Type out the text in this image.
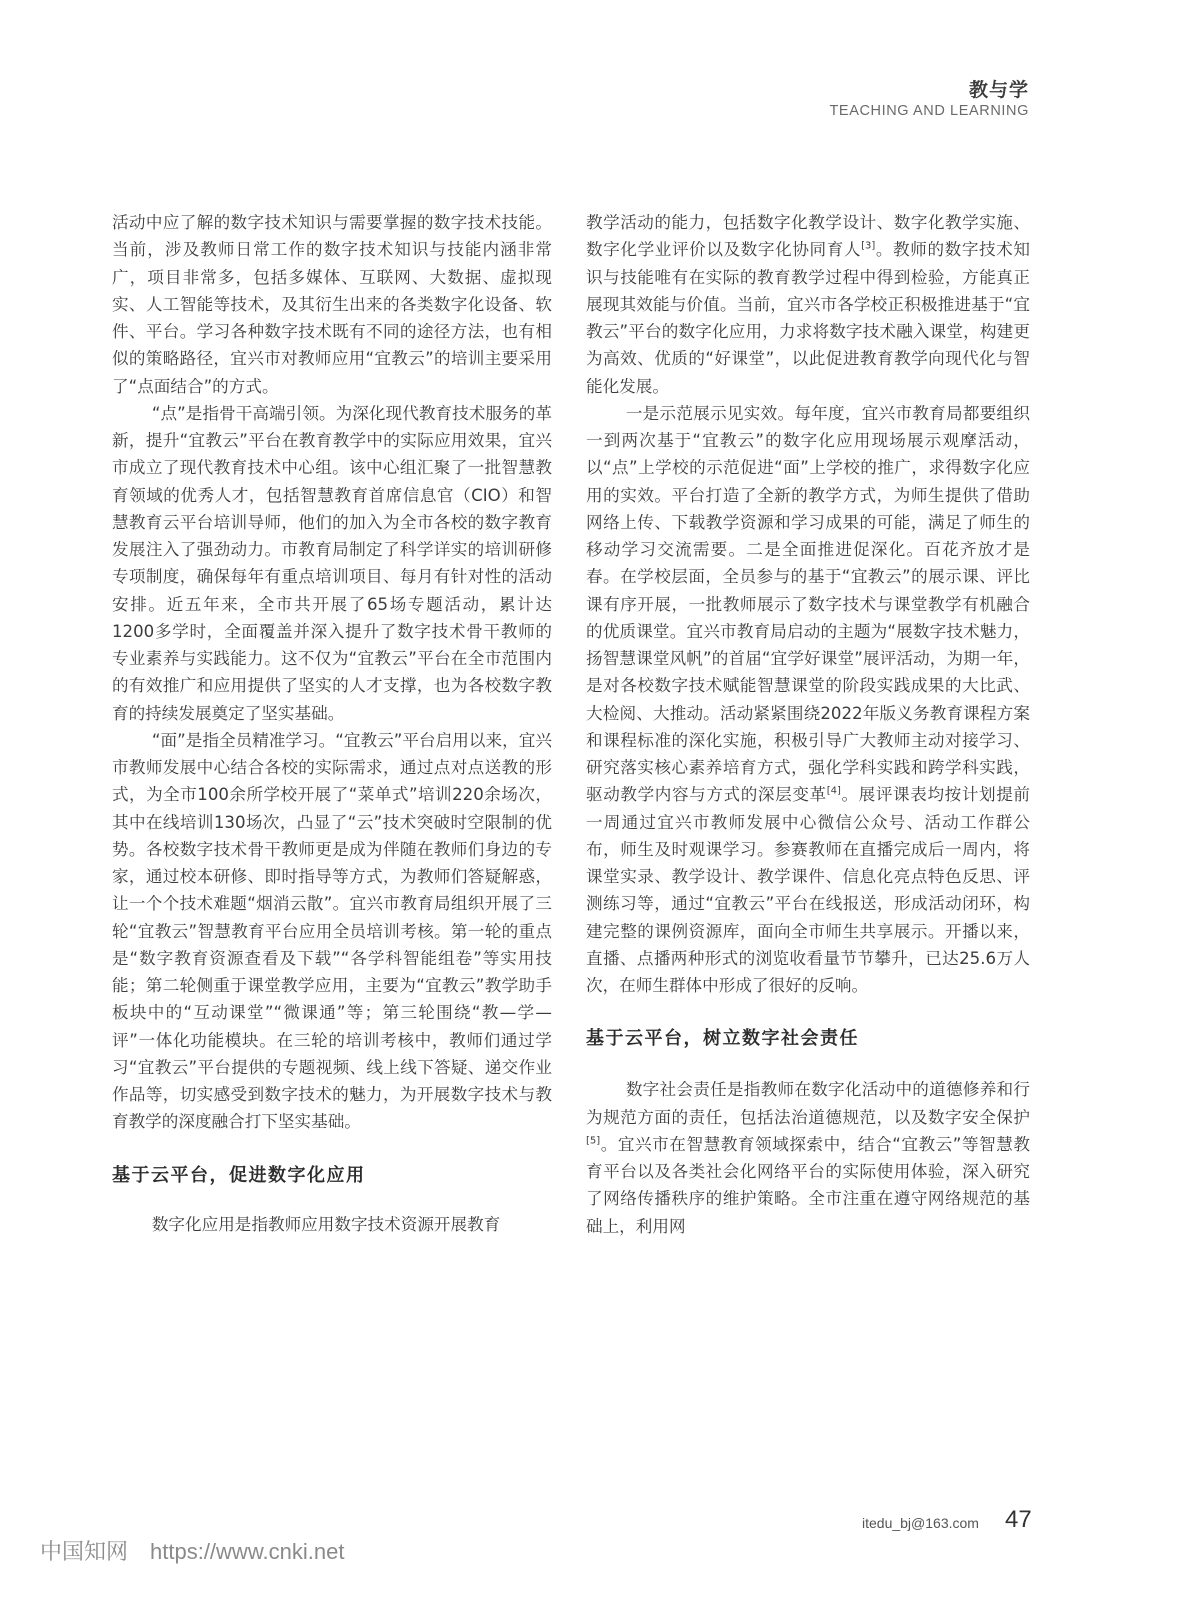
教与学
TEACHING AND LEARNING

活动中应了解的数字技术知识与需要掌握的数字技术技能。当前，涉及教师日常工作的数字技术知识与技能内涵非常广，项目非常多，包括多媒体、互联网、大数据、虚拟现实、人工智能等技术，及其衍生出来的各类数字化设备、软件、平台。学习各种数字技术既有不同的途径方法，也有相似的策略路径，宜兴市对教师应用“宜教云”的培训主要采用了“点面结合”的方式。

“点”是指骨干高端引领。为深化现代教育技术服务的革新，提升“宜教云”平台在教育教学中的实际应用效果，宜兴市成立了现代教育技术中心组。该中心组汇聚了一批智慧教育领域的优秀人才，包括智慧教育首席信息官（CIO）和智慧教育云平台培训导师，他们的加入为全市各校的数字教育发展注入了强劲动力。市教育局制定了科学详实的培训研修专项制度，确保每年有重点培训项目、每月有针对性的活动安排。近五年来，全市共开展了65场专题活动，累计达1200多学时，全面覆盖并深入提升了数字技术骨干教师的专业素养与实践能力。这不仅为“宜教云”平台在全市范围内的有效推广和应用提供了坚实的人才支撑，也为各校数字教育的持续发展奠定了坚实基础。

“面”是指全员精准学习。“宜教云”平台启用以来，宜兴市教师发展中心结合各校的实际需求，通过点对点送教的形式，为全市100余所学校开展了“菜单式”培训220余场次，其中在线培训130场次，凸显了“云”技术突破时空限制的优势。各校数字技术骨干教师更是成为伴随在教师们身边的专家，通过校本研修、即时指导等方式，为教师们答疑解惑，让一个个技术难题“烟消云散”。宜兴市教育局组织开展了三轮“宜教云”智慧教育平台应用全员培训考核。第一轮的重点是“数字教育资源查看及下载”“各学科智能组卷”等实用技能；第二轮侧重于课堂教学应用，主要为“宜教云”教学助手板块中的“互动课堂”“微课通”等；第三轮围绕“教—学—评”一体化功能模块。在三轮的培训考核中，教师们通过学习“宜教云”平台提供的专题视频、线上线下答疑、递交作业作品等，切实感受到数字技术的魅力，为开展数字技术与教育教学的深度融合打下坚实基础。

基于云平台，促进数字化应用

数字化应用是指教师应用数字技术资源开展教育

教学活动的能力，包括数字化教学设计、数字化教学实施、数字化学业评价以及数字化协同育人[3]。教师的数字技术知识与技能唯有在实际的教育教学过程中得到检验，方能真正展现其效能与价值。当前，宜兴市各学校正积极推进基于“宜教云”平台的数字化应用，力求将数字技术融入课堂，构建更为高效、优质的“好课堂”，以此促进教育教学向现代化与智能化发展。

一是示范展示见实效。每年度，宜兴市教育局都要组织一到两次基于“宜教云”的数字化应用现场展示观摩活动，以“点”上学校的示范促进“面”上学校的推广，求得数字化应用的实效。平台打造了全新的教学方式，为师生提供了借助网络上传、下载教学资源和学习成果的可能，满足了师生的移动学习交流需要。二是全面推进促深化。百花齐放才是春。在学校层面，全员参与的基于“宜教云”的展示课、评比课有序开展，一批教师展示了数字技术与课堂教学有机融合的优质课堂。宜兴市教育局启动的主题为“展数字技术魅力，扬智慧课堂风帆”的首届“宜学好课堂”展评活动，为期一年，是对各校数字技术赋能智慧课堂的阶段实践成果的大比武、大检阅、大推动。活动紧紧围绕2022年版义务教育课程方案和课程标准的深化实施，积极引导广大教师主动对接学习、研究落实核心素养培育方式，强化学科实践和跨学科实践，驱动教学内容与方式的深层变革[4]。展评课表均按计划提前一周通过宜兴市教师发展中心微信公众号、活动工作群公布，师生及时观课学习。参赛教师在直播完成后一周内，将课堂实录、教学设计、教学课件、信息化亮点特色反思、评测练习等，通过“宜教云”平台在线报送，形成活动闭环，构建完整的课例资源库，面向全市师生共享展示。开播以来，直播、点播两种形式的浏览收看量节节攀升，已达25.6万人次，在师生群体中形成了很好的反响。

基于云平台，树立数字社会责任

数字社会责任是指教师在数字化活动中的道德修养和行为规范方面的责任，包括法治道德规范，以及数字安全保护[5]。宜兴市在智慧教育领域探索中，结合“宜教云”等智慧教育平台以及各类社会化网络平台的实际使用体验，深入研究了网络传播秩序的维护策略。全市注重在遵守网络规范的基础上，利用网

itedu_bj@163.com 47
中国知网 https://www.cnki.net
